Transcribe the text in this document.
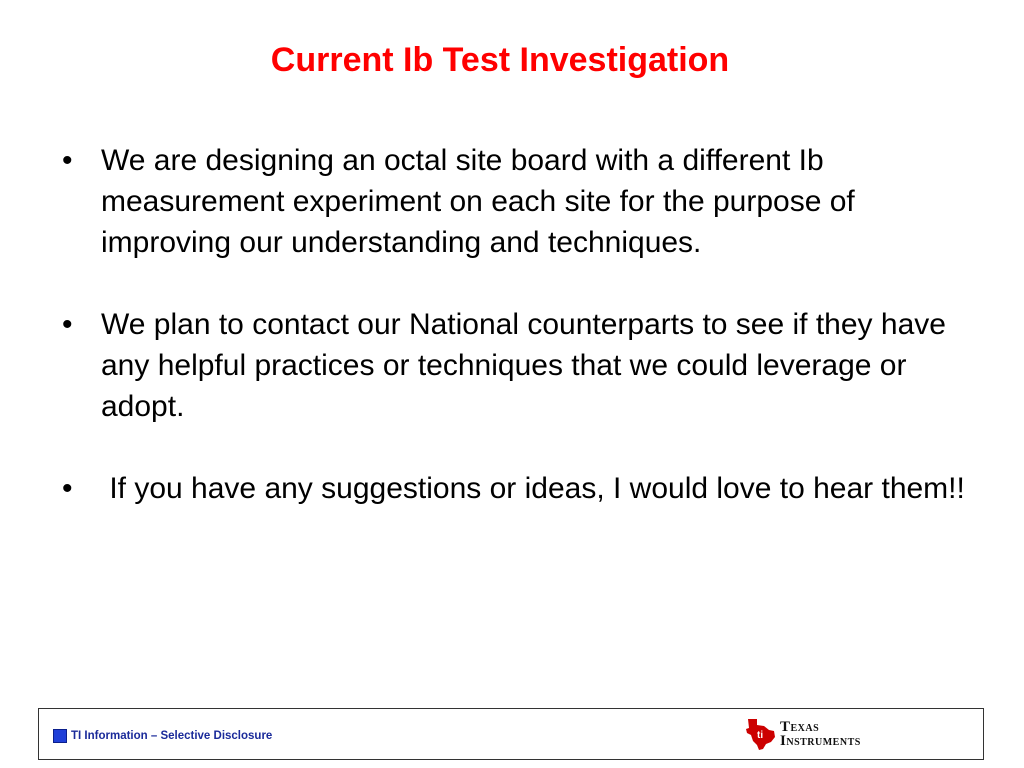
Current Ib Test Investigation
• We are designing an octal site board with a different Ib measurement experiment on each site for the purpose of improving our understanding and techniques.
• We plan to contact our National counterparts to see if they have any helpful practices or techniques that we could leverage or adopt.
• If you have any suggestions or ideas, I would love to hear them!!
TI Information – Selective Disclosure	ti
TEXAS
INSTRUMENTS
